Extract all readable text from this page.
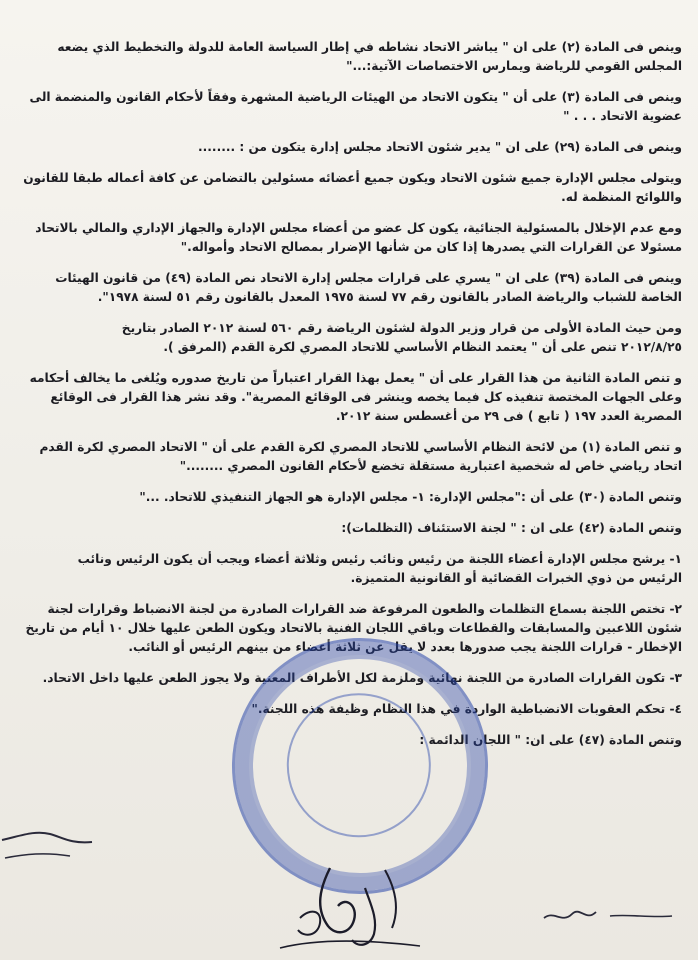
وينص فى المادة (٢) على ان " يباشر الاتحاد نشاطه في إطار السياسة العامة للدولة والتخطيط الذي يضعه

المجلس القومي للرياضة ويمارس الاختصاصات الآتية:..."

وينص فى المادة (٣) على أن " يتكون الاتحاد من الهيئات الرياضية المشهرة وفقاً لأحكام القانون والمنضمة الى

عضوية الاتحاد . . . "

وينص فى المادة (٢٩) على ان " يدير شئون الاتحاد مجلس إدارة يتكون من : ........

ويتولى مجلس الإدارة جميع شئون الاتحاد ويكون جميع أعضائه مسئولين بالتضامن عن كافة أعماله طبقا للقانون

واللوائح المنظمة له.

ومع عدم الإخلال بالمسئولية الجنائية، يكون كل عضو من أعضاء مجلس الإدارة والجهاز الإداري والمالي بالاتحاد

مسئولا عن القرارات التي يصدرها إذا كان من شأنها الإضرار بمصالح الاتحاد وأمواله."

وينص فى المادة (٣٩) على ان " يسري على قرارات مجلس إدارة الاتحاد نص المادة (٤٩) من قانون الهيئات

الخاصة للشباب والرياضة الصادر بالقانون رقم ٧٧ لسنة ١٩٧٥ المعدل بالقانون رقم ٥١ لسنة ١٩٧٨".

ومن حيث المادة الأولى من قرار وزير الدولة لشئون الرياضة رقم ٥٦٠ لسنة ٢٠١٢ الصادر بتاريخ

٢٠١٢/٨/٢٥ تنص على أن " يعتمد النظام الأساسي للاتحاد المصري لكرة القدم (المرفق ).

و تنص المادة الثانية من هذا القرار على أن " يعمل بهذا القرار اعتباراً من تاريخ صدوره ويُلغى ما يخالف أحكامه

وعلى الجهات المختصة تنفيذه كل فيما يخصه وينشر فى الوقائع المصرية". وقد نشر هذا القرار فى الوقائع

المصرية العدد ١٩٧ ( تابع ) فى ٢٩ من أغسطس سنة ٢٠١٢.

و تنص المادة (١) من لائحة النظام الأساسي للاتحاد المصري لكرة القدم على أن " الاتحاد المصري لكرة القدم

اتحاد رياضي خاص له شخصية اعتبارية مستقلة تخضع لأحكام القانون المصري ........"

وتنص المادة (٣٠) على أن :"مجلس الإدارة: ١- مجلس الإدارة هو الجهاز التنفيذي للاتحاد. ..."

وتنص المادة (٤٢) على ان : " لجنة الاستئناف (التظلمات):

١- يرشح مجلس الإدارة أعضاء اللجنة من رئيس ونائب رئيس وثلاثة أعضاء ويجب أن يكون الرئيس ونائب

الرئيس من ذوي الخبرات القضائية أو القانونية المتميزة.

٢- تختص اللجنة بسماع التظلمات والطعون المرفوعة ضد القرارات الصادرة من لجنة الانضباط وقرارات لجنة

شئون اللاعبين والمسابقات والقطاعات وباقي اللجان الفنية بالاتحاد ويكون الطعن عليها خلال ١٠ أيام من تاريخ

الإخطار - قرارات اللجنة يجب صدورها بعدد لا يقل عن ثلاثة أعضاء من بينهم الرئيس أو النائب.

٣- تكون القرارات الصادرة من اللجنة نهائية وملزمة لكل الأطراف المعنية ولا يجوز الطعن عليها داخل الاتحاد.

٤- تحكم العقوبات الانضباطية الواردة في هذا النظام وظيفة هذه اللجنة."

وتنص المادة (٤٧) على ان: " اللجان الدائمة :
